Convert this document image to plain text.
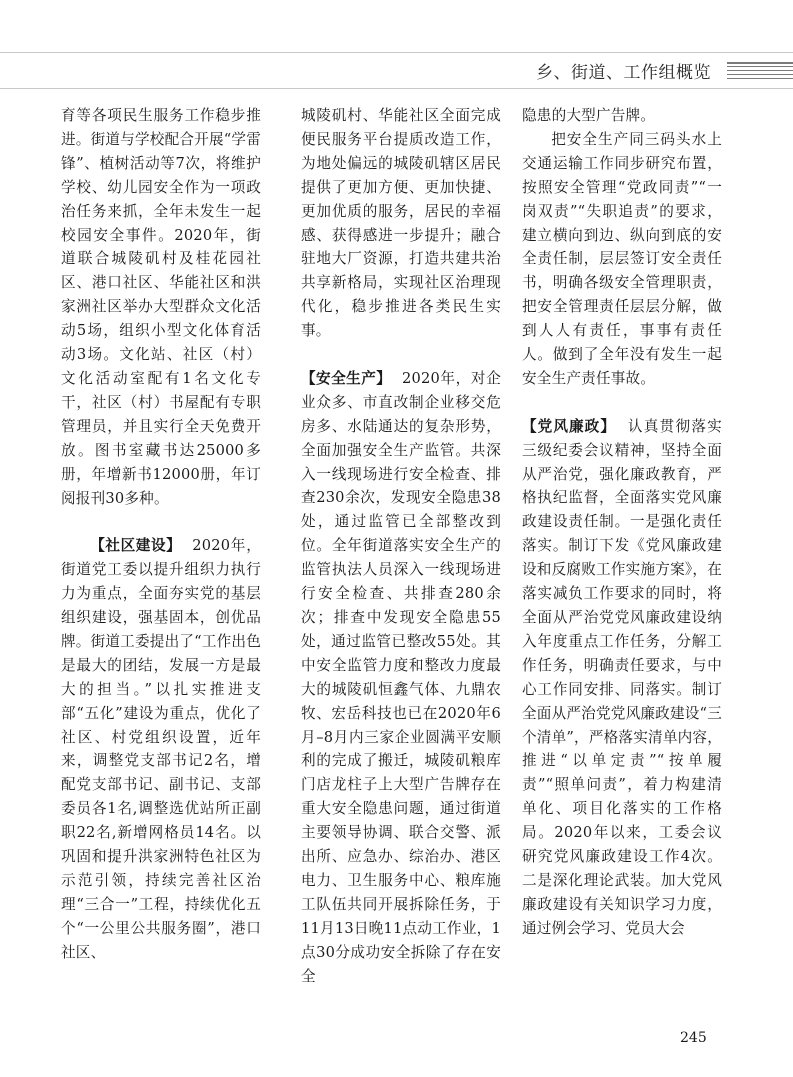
乡、街道、工作组概览

育等各项民生服务工作稳步推进。街道与学校配合开展“学雷锋”、植树活动等7次，将维护学校、幼儿园安全作为一项政治任务来抓，全年未发生一起校园安全事件。2020年，街道联合城陵矶村及桂花园社区、港口社区、华能社区和洪家洲社区举办大型群众文化活动5场，组织小型文化体育活动3场。文化站、社区（村）文化活动室配有1名文化专干，社区（村）书屋配有专职管理员，并且实行全天免费开放。图书室藏书达25000多册，年增新书12000册，年订阅报刊30多种。

【社区建设】 2020年，街道党工委以提升组织力执行力为重点，全面夯实党的基层组织建设，强基固本，创优品牌。街道工委提出了“工作出色是最大的团结，发展一方是最大的担当。”以扎实推进支部“五化”建设为重点，优化了社区、村党组织设置，近年来，调整党支部书记2名，增配党支部书记、副书记、支部委员各1名,调整选优站所正副职22名,新增网格员14名。以巩固和提升洪家洲特色社区为示范引领，持续完善社区治理“三合一”工程，持续优化五个“一公里公共服务圈”，港口社区、

城陵矶村、华能社区全面完成便民服务平台提质改造工作，为地处偏远的城陵矶辖区居民提供了更加方便、更加快捷、更加优质的服务，居民的幸福感、获得感进一步提升；融合驻地大厂资源，打造共建共治共享新格局，实现社区治理现代化，稳步推进各类民生实事。

【安全生产】 2020年，对企业众多、市直改制企业移交危房多、水陆通达的复杂形势，全面加强安全生产监管。共深入一线现场进行安全检查、排查230余次，发现安全隐患38处，通过监管已全部整改到位。全年街道落实安全生产的监管执法人员深入一线现场进行安全检查、共排查280余次；排查中发现安全隐患55处，通过监管已整改55处。其中安全监管力度和整改力度最大的城陵矶恒鑫气体、九鼎农牧、宏岳科技也已在2020年6月–8月内三家企业圆满平安顺利的完成了搬迁，城陵矶粮库门店龙柱子上大型广告牌存在重大安全隐患问题，通过街道主要领导协调、联合交警、派出所、应急办、综治办、港区电力、卫生服务中心、粮库施工队伍共同开展拆除任务，于11月13日晚11点动工作业，1点30分成功安全拆除了存在安全

隐患的大型广告牌。

把安全生产同三码头水上交通运输工作同步研究布置，按照安全管理“党政同责”“一岗双责”“失职追责”的要求，建立横向到边、纵向到底的安全责任制，层层签订安全责任书，明确各级安全管理职责，把安全管理责任层层分解，做到人人有责任，事事有责任人。做到了全年没有发生一起安全生产责任事故。

【党风廉政】 认真贯彻落实三级纪委会议精神，坚持全面从严治党，强化廉政教育，严格执纪监督，全面落实党风廉政建设责任制。一是强化责任落实。制订下发《党风廉政建设和反腐败工作实施方案》，在落实减负工作要求的同时，将全面从严治党党风廉政建设纳入年度重点工作任务，分解工作任务，明确责任要求，与中心工作同安排、同落实。制订全面从严治党党风廉政建设“三个清单”，严格落实清单内容，推进“以单定责”“按单履责”“照单问责”，着力构建清单化、项目化落实的工作格局。2020年以来，工委会议研究党风廉政建设工作4次。二是深化理论武装。加大党风廉政建设有关知识学习力度，通过例会学习、党员大会

245
